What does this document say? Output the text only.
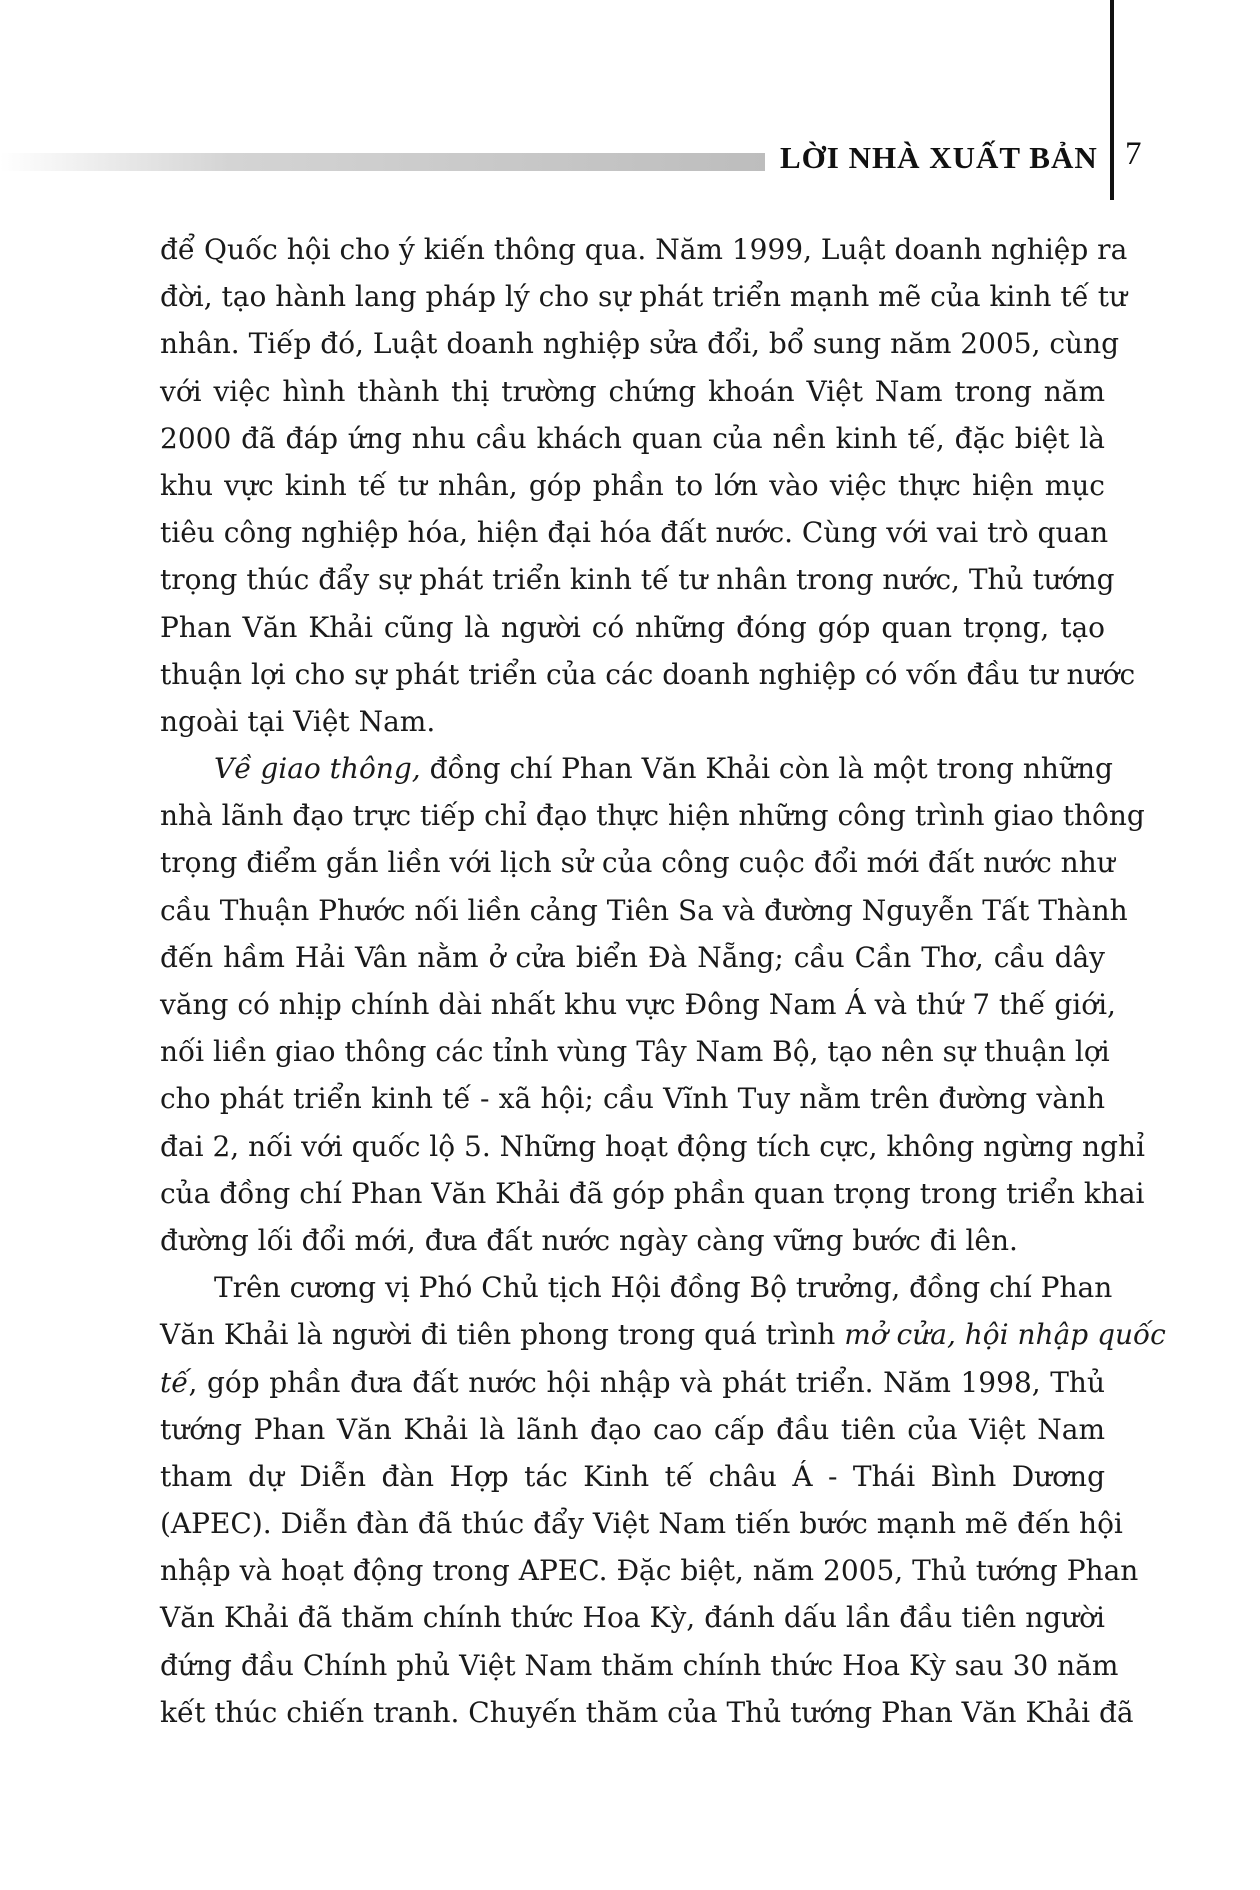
LỜI NHÀ XUẤT BẢN 7
để Quốc hội cho ý kiến thông qua. Năm 1999, Luật doanh nghiệp ra
đời, tạo hành lang pháp lý cho sự phát triển mạnh mẽ của kinh tế tư
nhân. Tiếp đó, Luật doanh nghiệp sửa đổi, bổ sung năm 2005, cùng
với việc hình thành thị trường chứng khoán Việt Nam trong năm
2000 đã đáp ứng nhu cầu khách quan của nền kinh tế, đặc biệt là
khu vực kinh tế tư nhân, góp phần to lớn vào việc thực hiện mục
tiêu công nghiệp hóa, hiện đại hóa đất nước. Cùng với vai trò quan
trọng thúc đẩy sự phát triển kinh tế tư nhân trong nước, Thủ tướng
Phan Văn Khải cũng là người có những đóng góp quan trọng, tạo
thuận lợi cho sự phát triển của các doanh nghiệp có vốn đầu tư nước
ngoài tại Việt Nam.
Về giao thông, đồng chí Phan Văn Khải còn là một trong những
nhà lãnh đạo trực tiếp chỉ đạo thực hiện những công trình giao thông
trọng điểm gắn liền với lịch sử của công cuộc đổi mới đất nước như
cầu Thuận Phước nối liền cảng Tiên Sa và đường Nguyễn Tất Thành
đến hầm Hải Vân nằm ở cửa biển Đà Nẵng; cầu Cần Thơ, cầu dây
văng có nhịp chính dài nhất khu vực Đông Nam Á và thứ 7 thế giới,
nối liền giao thông các tỉnh vùng Tây Nam Bộ, tạo nên sự thuận lợi
cho phát triển kinh tế - xã hội; cầu Vĩnh Tuy nằm trên đường vành
đai 2, nối với quốc lộ 5. Những hoạt động tích cực, không ngừng nghỉ
của đồng chí Phan Văn Khải đã góp phần quan trọng trong triển khai
đường lối đổi mới, đưa đất nước ngày càng vững bước đi lên.
Trên cương vị Phó Chủ tịch Hội đồng Bộ trưởng, đồng chí Phan
Văn Khải là người đi tiên phong trong quá trình mở cửa, hội nhập quốc
tế, góp phần đưa đất nước hội nhập và phát triển. Năm 1998, Thủ
tướng Phan Văn Khải là lãnh đạo cao cấp đầu tiên của Việt Nam
tham dự Diễn đàn Hợp tác Kinh tế châu Á - Thái Bình Dương
(APEC). Diễn đàn đã thúc đẩy Việt Nam tiến bước mạnh mẽ đến hội
nhập và hoạt động trong APEC. Đặc biệt, năm 2005, Thủ tướng Phan
Văn Khải đã thăm chính thức Hoa Kỳ, đánh dấu lần đầu tiên người
đứng đầu Chính phủ Việt Nam thăm chính thức Hoa Kỳ sau 30 năm
kết thúc chiến tranh. Chuyến thăm của Thủ tướng Phan Văn Khải đã
